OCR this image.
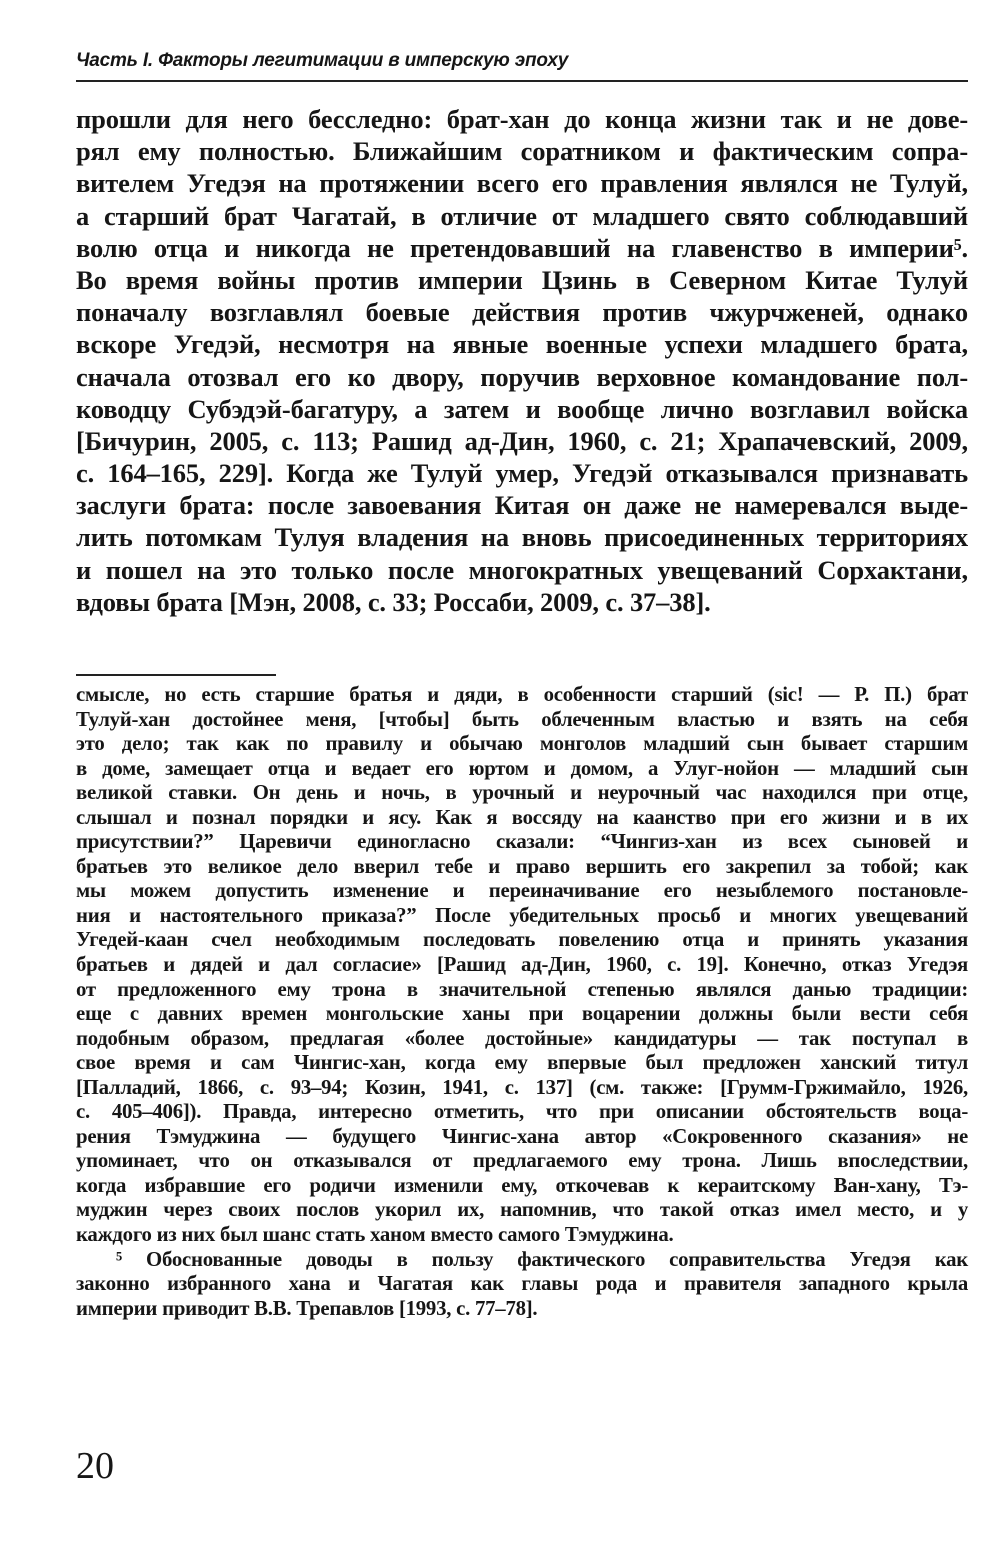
Часть I. Факторы легитимации в имперскую эпоху
прошли для него бесследно: брат-хан до конца жизни так и не дове-
рял ему полностью. Ближайшим соратником и фактическим сопра-
вителем Угедэя на протяжении всего его правления являлся не Тулуй,
а старший брат Чагатай, в отличие от младшего свято соблюдавший
волю отца и никогда не претендовавший на главенство в империи⁵.
Во время войны против империи Цзинь в Северном Китае Тулуй
поначалу возглавлял боевые действия против чжурчженей, однако
вскоре Угедэй, несмотря на явные военные успехи младшего брата,
сначала отозвал его ко двору, поручив верховное командование пол-
ководцу Субэдэй-багатуру, а затем и вообще лично возглавил войска
[Бичурин, 2005, с. 113; Рашид ад-Дин, 1960, с. 21; Храпачевский, 2009,
с. 164–165, 229]. Когда же Тулуй умер, Угедэй отказывался признавать
заслуги брата: после завоевания Китая он даже не намеревался выде-
лить потомкам Тулуя владения на вновь присоединенных территориях
и пошел на это только после многократных увещеваний Сорхактани,
вдовы брата [Мэн, 2008, с. 33; Россаби, 2009, с. 37–38].
смысле, но есть старшие братья и дяди, в особенности старший (sic! — Р. П.) брат
Тулуй-хан достойнее меня, [чтобы] быть облеченным властью и взять на себя
это дело; так как по правилу и обычаю монголов младший сын бывает старшим
в доме, замещает отца и ведает его юртом и домом, а Улуг-нойон — младший сын
великой ставки. Он день и ночь, в урочный и неурочный час находился при отце,
слышал и познал порядки и ясу. Как я воссяду на каанство при его жизни и в их
присутствии?” Царевичи единогласно сказали: “Чингиз-хан из всех сыновей и
братьев это великое дело вверил тебе и право вершить его закрепил за тобой; как
мы можем допустить изменение и переиначивание его незыблемого постановле-
ния и настоятельного приказа?” После убедительных просьб и многих увещеваний
Угедей-каан счел необходимым последовать повелению отца и принять указания
братьев и дядей и дал согласие» [Рашид ад-Дин, 1960, с. 19]. Конечно, отказ Угедэя
от предложенного ему трона в значительной степенью являлся данью традиции:
еще с давних времен монгольские ханы при воцарении должны были вести себя
подобным образом, предлагая «более достойные» кандидатуры — так поступал в
свое время и сам Чингис-хан, когда ему впервые был предложен ханский титул
[Палладий, 1866, с. 93–94; Козин, 1941, с. 137] (см. также: [Грумм-Гржимайло, 1926,
с. 405–406]). Правда, интересно отметить, что при описании обстоятельств воца-
рения Тэмуджина — будущего Чингис-хана автор «Сокровенного сказания» не
упоминает, что он отказывался от предлагаемого ему трона. Лишь впоследствии,
когда избравшие его родичи изменили ему, откочевав к кераитскому Ван-хану, Тэ-
муджин через своих послов укорил их, напомнив, что такой отказ имел место, и у
каждого из них был шанс стать ханом вместо самого Тэмуджина.
⁵ Обоснованные доводы в пользу фактического соправительства Угедэя как
законно избранного хана и Чагатая как главы рода и правителя западного крыла
империи приводит В.В. Трепавлов [1993, с. 77–78].
20
